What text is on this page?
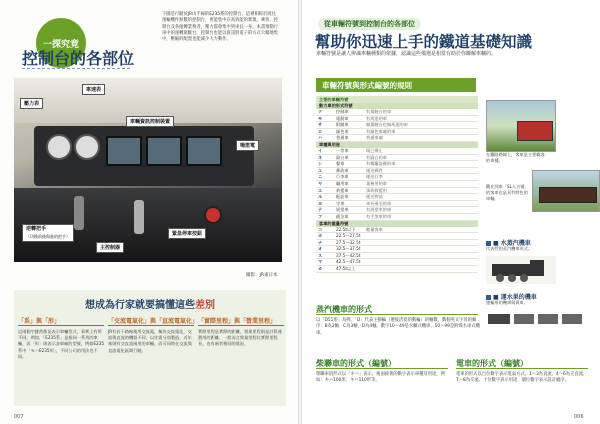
一探究竟
控制台的各部位
下圖是行駛於JR山手線的E235系的控制台。這裡相較於既往運輸機件無數的控制台，更能集中在高效能的實現，乘客、控制台及各運轉業務者，壓力都會集中到車長一身。本書推動行車中的運轉駕駛台，控制台也能以資訊與電子的方式大幅地集中，壓縮的配置也能減少人力動作。
壓力表
車速表
車輛資訊控制裝置
鳴笛電
逆轉把手
（切換前後與進的把手）
主控制器
緊急停車按鈕
攝影：JR東日本
想成為行家就要搞懂這些差別
「系」與「形」
這兩個字雖然都是表示車輛型式，事實上有所不同，例如，「E235系」是指同一系列的車輛，而「形」則表示各車廂的型號，例如E235系中「モハE235形」，不同公司的用法也不同。
「交流電氣化」與「直流電氣化」
JR有若干路線使用交流電，稱為交流電化，交流與直流的機器不同，以往需分別製造，近年來則有交直流兩用的車輛，而可同時在交流與直流電化區間行駛。
「實際里程」與「營業里程」
實際里程是實際的距離，營業里程則是計算運費用的距離。一般而言營業里程比實際里程長，也有兩者相同的狀況。
007
從車輛符號到控制台的各部位
幫助你迅速上手的鐵道基礎知識
車輛符號是讓人辨識車輛種類的依據，認識這些備選是相當有助於你瞭解車輛的。
車輛符號與形式編號的規則
主要的車輛符號
動力車的形式符號
ク	控制車	有駕駛台的車
モ	電動車	有馬達的車
サ	附隨車	無駕駛台也無馬達的車
ロ	綠色車	有綠色車廂的車
ハ	普通車	普通車廂
車種與用途
イ	一等車	現已廢止
ネ	寢台車	有寢台的車
シ	餐車	有餐廳設備的車
ユ	郵政車	運送郵件
ニ	行李車	運送行李
ヤ	職用車	業務用的車
エ	救援車	事故救援用
ル	配給車	運送物品
ヨ	守車	車長乘坐的車
テ	展望車	有展望室的車
フ	緩急車	有手煞車的車
客車的重量符號
コ	22.5t以下	輕量客車
ホ	22.5〜27.5t
ナ	27.5〜32.5t
オ	32.5〜37.5t
ス	37.5〜42.5t
マ	42.5〜47.5t
カ	47.5t以上
在鐵路路線上，客車是主要載客的車種。
觀光列車「SL人吉號」的客車也是具有特色的車輛。
■ 水蒸汽機車
代表性的蒸汽機車形式。
■ 運水果的機車
運輸用的機車與貨車。
蒸汽機車的形式
以「D51形」為例，「D」代表主動輪（連接活塞的動輪）的軸數，數個英文字母的順序：B為2軸、C為3軸、D為4軸。數字10〜49是水櫃式機車，50〜99是附煤水車式機車。
柴聯車的形式（編號）
柴聯車的形式以「キハ」表示，後面接著的數字表示車種及用途，例如：キハ100形、キハ110形等。
電車的形式（編號）
電車的形式以百位數字表示電氣方式，1〜3為直流，4〜6為交直流，7〜8為交流。十位數字表示用途，個位數字表示設計順序。
006
